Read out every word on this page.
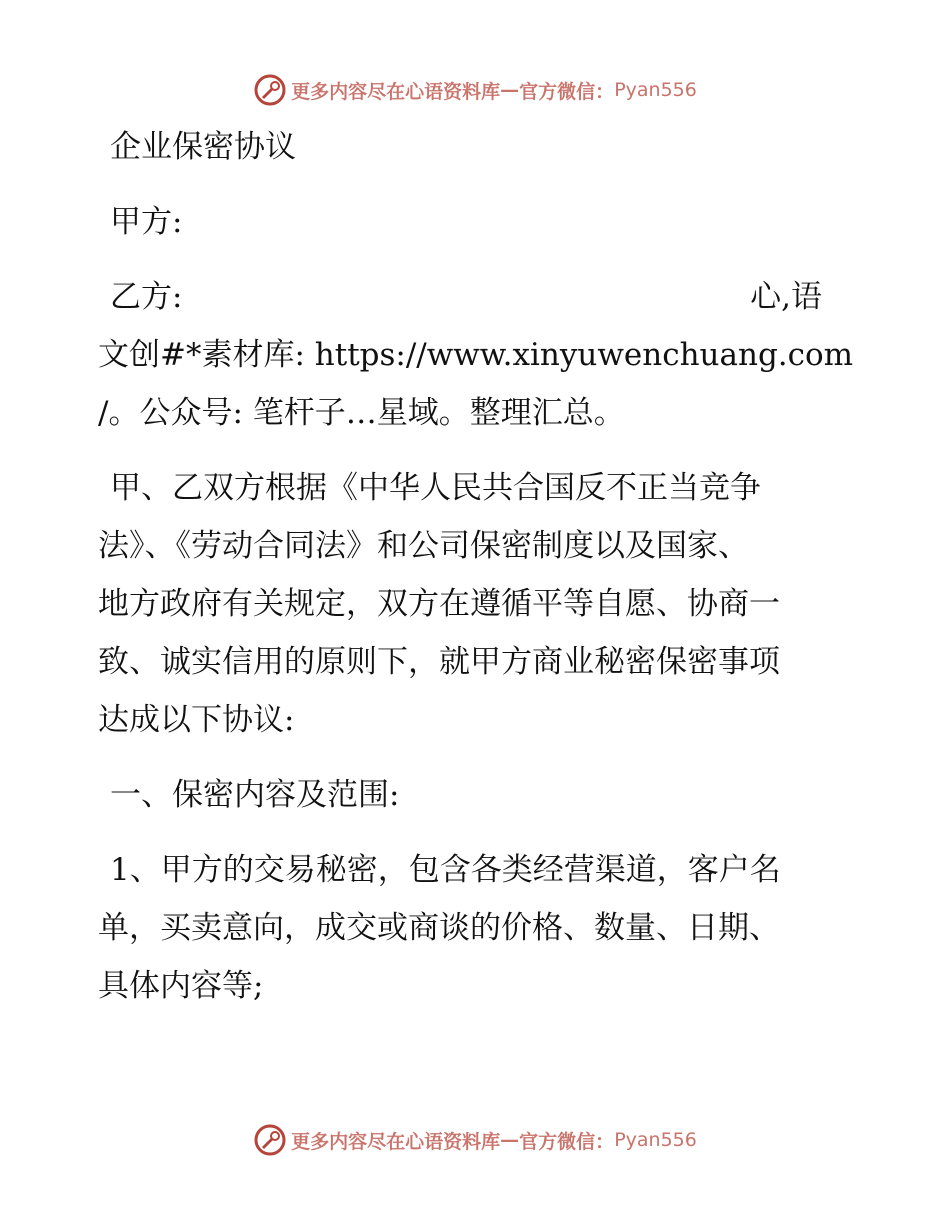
更多内容尽在心语资料库 — 官方微信： Pyan556

企业保密协议

甲方:

乙方:	心,语

文创#*素材库: https://www.xinyuwenchuang.com

/。公众号: 笔杆子…星域。整理汇总。

甲、乙双方根据《中华人民共合国反不正当竞争

法》、《劳动合同法》和公司保密制度以及国家、

地方政府有关规定，双方在遵循平等自愿、协商一

致、诚实信用的原则下，就甲方商业秘密保密事项

达成以下协议:

一、保密内容及范围:

1、甲方的交易秘密，包含各类经营渠道，客户名

单，买卖意向，成交或商谈的价格、数量、日期、

具体内容等;

更多内容尽在心语资料库 — 官方微信： Pyan556
